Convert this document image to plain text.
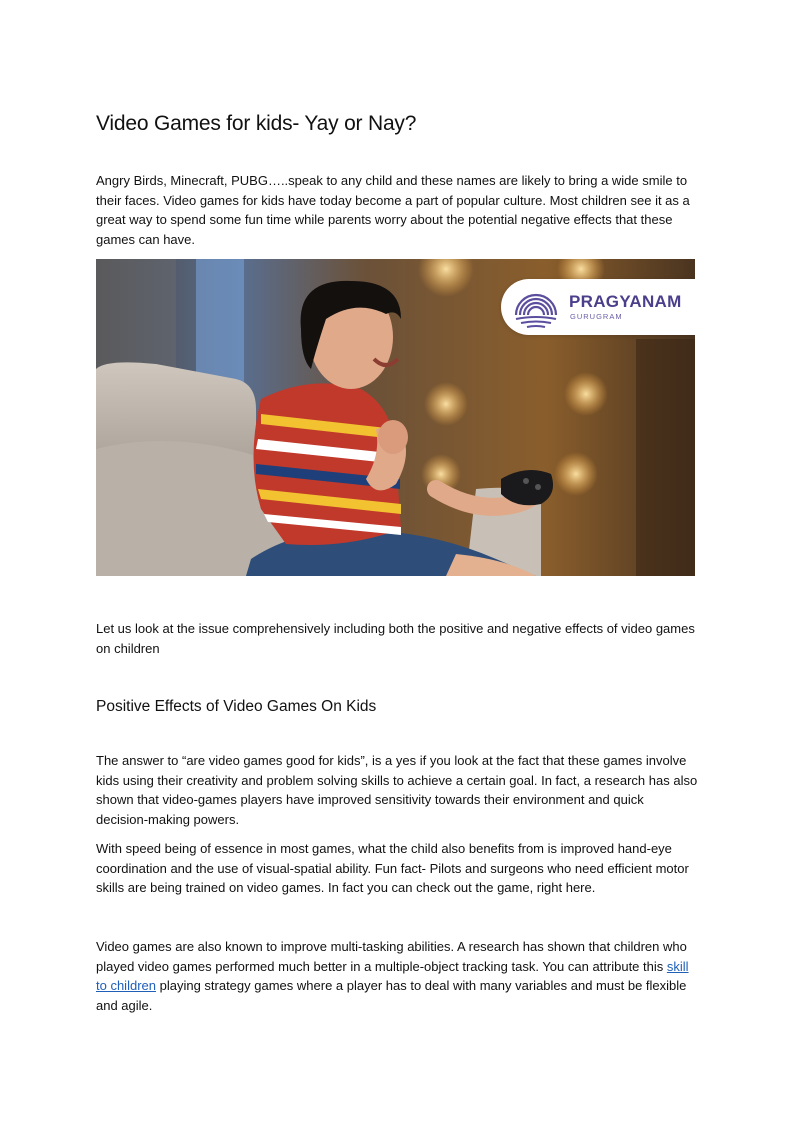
Video Games for kids- Yay or Nay?

Angry Birds, Minecraft, PUBG…..speak to any child and these names are likely to bring a wide smile to their faces. Video games for kids have today become a part of popular culture. Most children see it as a great way to spend some fun time while parents worry about the potential negative effects that these games can have.

PRAGYANAM
GURUGRAM

Let us look at the issue comprehensively including both the positive and negative effects of video games on children

Positive Effects of Video Games On Kids

The answer to “are video games good for kids”, is a yes if you look at the fact that these games involve kids using their creativity and problem solving skills to achieve a certain goal. In fact, a research has also shown that video-games players have improved sensitivity towards their environment and quick decision-making powers.

With speed being of essence in most games, what the child also benefits from is improved hand-eye coordination and the use of visual-spatial ability. Fun fact- Pilots and surgeons who need efficient motor skills are being trained on video games. In fact you can check out the game, right here.

Video games are also known to improve multi-tasking abilities. A research has shown that children who played video games performed much better in a multiple-object tracking task. You can attribute this skill to children playing strategy games where a player has to deal with many variables and must be flexible and agile.
